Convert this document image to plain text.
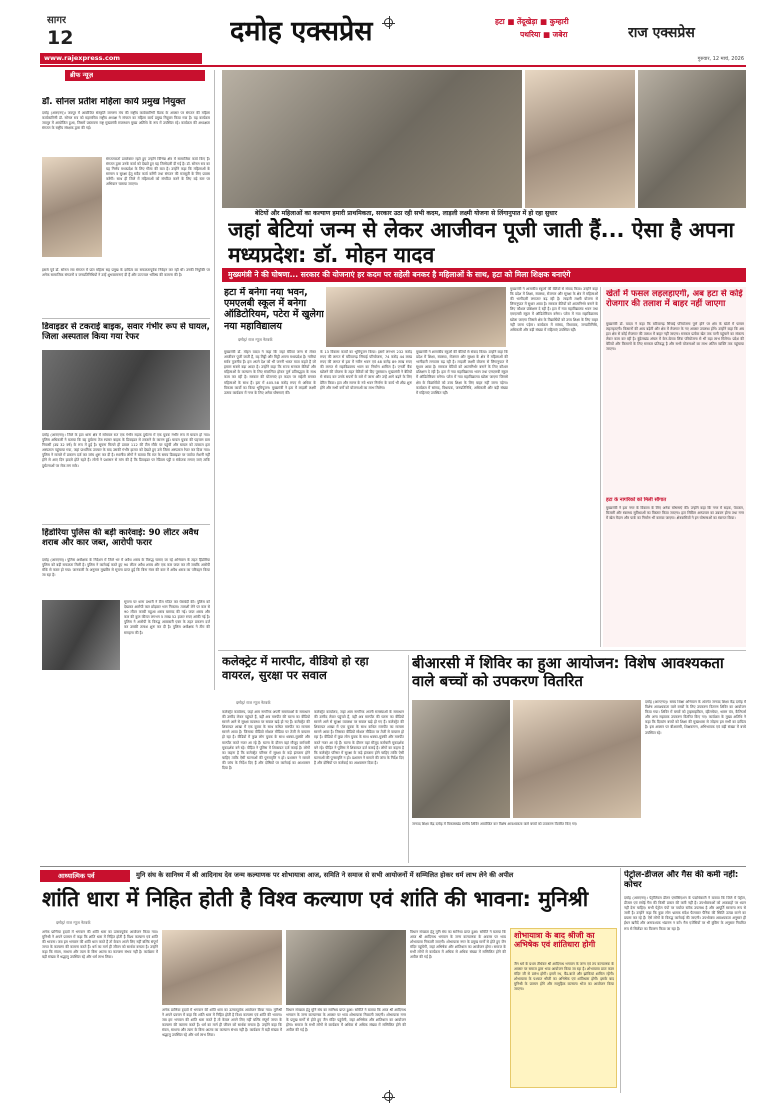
सागर
12	दमोह एक्सप्रेस	हटा ■ तेंदूखेड़ा ■ कुम्हारी
पथरिया ■ जबेरा	राज एक्सप्रेस
www.rajexpress.com	गुरुवार, 12 मार्च, 2026
ब्रीफ न्यूज़
डॉ. सोनल प्रतीश महिला कार्य प्रमुख नियुक्त
दमोह (आरएनए)। जयपुर में आयोजित संस्कृति जागरण मंच की राष्ट्रीय कार्यकारिणी बैठक के अवसर पर संगठन की महिला कार्यकारिणी डॉ. सोनल राव को महासचिव राष्ट्रीय अध्यक्ष ने संगठन का महिला कार्य प्रमुख नियुक्त किया गया है। यह कार्यक्रम जयपुर में आयोजित हुआ, जिसमें प्रस्तावना राष्ट्र मुख्यमंत्री राजस्थान मुख्य अतिथि के रूप में उपस्थित रहे। कार्यक्रम की अध्यक्षता संगठन के राष्ट्रीय संरक्षक द्वारा की गई।
संगठनकर्ता डायरेक्टर रहते हुए उन्होंने विभिन्न क्षेत्र में सामाजिक कार्य किए हैं। संगठन द्वारा उनके कार्य को देखते हुए यह जिम्मेदारी दी गई है। डॉ. सोनल राव का यह निर्णय मध्यप्रदेश के लिए गौरव की बात है। उन्होंने कहा कि महिलाओं के सम्मान व सुरक्षा हेतु सदैव कार्य करेंगी तथा संगठन की मजबूती के लिए प्रयास करेंगी। साथ ही जिले में महिलाओं को संगठित करने के लिए बड़े स्तर पर अभियान चलाया जाएगा।
इससे पूर्व डॉ. सोनल राव संगठन में प्रांत महिला सह प्रमुख के दायित्व का सफलतापूर्वक निर्वहन कर रही थीं। उनकी नियुक्ति पर अनेक सामाजिक संगठनों व जनप्रतिनिधियों ने उन्हें शुभकामनाएं दी हैं और उज्ज्वल भविष्य की कामना की है।
डिवाइडर से टकराई बाइक, सवार गंभीर रूप से घायल, जिला अस्पताल किया गया रेफर
दमोह (आरएनए)। जिले के हटा थाना क्षेत्र में सोमवार रात एक गंभीर सड़क दुर्घटना में एक युवक गंभीर रूप से घायल हो गया। पुलिस अधिकारी ने बताया कि यह दुर्घटना तेज रफ्तार बाइक के डिवाइडर से टकराने के कारण हुई। घायल युवक की पहचान ग्राम निवासी (उम्र 32 वर्ष) के रूप में हुई है। सूचना मिलते ही डायल 112 की टीम मौके पर पहुंची और घायल को तत्काल हटा अस्पताल पहुंचाया गया, जहां प्राथमिक उपचार के बाद उसकी गंभीर हालत को देखते हुए उसे जिला अस्पताल रेफर कर दिया गया। पुलिस ने मामले में प्रकरण दर्ज कर जांच शुरू कर दी है। स्थानीय लोगों ने बताया कि रात के समय डिवाइडर पर पर्याप्त रोशनी नहीं होने से आए दिन हादसे होते रहते हैं। लोगों ने प्रशासन से मांग की है कि डिवाइडर पर रेडियम पट्टी व संकेतक लगाए जाएं ताकि दुर्घटनाओं पर रोक लग सके।
हिंडोरिया पुलिस की बड़ी कार्रवाई: 90 लीटर अवैध शराब और कार जब्त, आरोपी फरार
दमोह (आरएनए)। पुलिस अधीक्षक के निर्देशन में जिले भर में अवैध शराब के विरुद्ध चलाए जा रहे अभियान के तहत हिंडोरिया पुलिस को बड़ी सफलता मिली है। पुलिस ने कार्रवाई करते हुए 90 लीटर अवैध शराब और एक कार जब्त कर ली जबकि आरोपी मौके से फरार हो गया। जानकारी के अनुसार मुखबिर से सूचना प्राप्त हुई कि बिना नंबर की कार में अवैध शराब का परिवहन किया जा रहा है।
सूचना पर थाना प्रभारी ने टीम गठित कर घेराबंदी की। पुलिस को देखकर आरोपी कार छोड़कर भाग निकला। तलाशी लेने पर कार से 90 लीटर कच्ची महुआ शराब बरामद की गई। जब्त शराब और कार की कुल कीमत लगभग 5 लाख 52 हजार रुपए आंकी गई है। पुलिस ने आरोपी के विरुद्ध आबकारी एक्ट के तहत प्रकरण दर्ज कर उसकी तलाश शुरू कर दी है। पुलिस अधीक्षक ने टीम की सराहना की है।
बेटियों और महिलाओं का कल्याण हमारी प्राथमिकता, सरकार उठा रही सभी कदम, लाड़ली लक्ष्मी योजना से लिंगानुपात में हो रहा सुधार
जहां बेटियां जन्म से लेकर आजीवन पूजी जाती हैं... ऐसा है अपना मध्यप्रदेश: डॉ. मोहन यादव
मुख्यमंत्री ने की घोषणा... सरकार की योजनाएं हर कदम पर सहेली बनकर है महिलाओं के साथ, हटा को मिला शिक्षक बनाएंगे
हटा में बनेगा नया भवन, एमएलबी स्कूल में बनेगा ऑडिटोरियम, पटेरा में खुलेगा नया महाविद्यालय
दमोह/ राज न्यूज नेटवर्क
मुख्यमंत्री डॉ. मोहन यादव ने कहा कि जहां बेटियां जन्म से लेकर आजीवन पूजी जाती हैं, वह मिट्टी और मिट्टी अपना मध्यप्रदेश है। नारियां सर्वत्र पूजनीय हैं। हम अपने देश को भी जननी भारत माता कहते हैं जो हमारा सबसे बड़ा आदर है। उन्होंने कहा कि राज्य सरकार बेटियों और महिलाओं के कल्याण के लिए संकल्पित होकर पूर्ण प्रतिबद्धता के साथ काम कर रही है। सरकार की योजनाएं हर कदम पर सहेली बनकर महिलाओं के साथ हैं। हटा में 405.58 करोड़ रुपए से अधिक के विकास कार्यों का किया भूमिपूजन। मुख्यमंत्री ने हटा में लाड़ली लक्ष्मी उत्सव कार्यक्रम में नगर के लिए अनेक घोषणाएं कीं।
के 13 विकास कार्यों का भूमिपूजन किया। इसमें लगभग 232 करोड़ रुपए की लागत से बटियागढ़ सिंचाई परियोजना, 74 करोड़ 44 लाख रुपए की लागत से हटा में नवीन भवन एवं 48 करोड़ 89 लाख रुपए की लागत से महाविद्यालय भवन का निर्माण शामिल है। एनर्जी बैंक खोलने की योजना के तहत बेटियों को दिए पुरस्कार। मुख्यमंत्री ने बेटियों से संवाद कर उनके सपनों के बारे में जाना और उन्हें आगे बढ़ने के लिए प्रेरित किया। हटा और सागर के नये भवन निर्माण के कार्य भी शीघ्र शुरू होंगे और सभी वर्गों को योजनाओं का लाभ मिलेगा।
मुख्यमंत्री ने शासकीय स्कूलों की बेटियों से संवाद किया। उन्होंने कहा कि प्रदेश में शिक्षा, स्वास्थ्य, रोजगार और सुरक्षा के क्षेत्र में महिलाओं की भागीदारी लगातार बढ़ रही है। लाड़ली लक्ष्मी योजना से लिंगानुपात में सुधार आया है। सरकार बेटियों को आत्मनिर्भर बनाने के लिए कौशल प्रशिक्षण दे रही है। हटा में नया महाविद्यालय भवन तथा एमएलबी स्कूल में ऑडिटोरियम बनेगा। पटेरा में नया महाविद्यालय खोला जाएगा जिससे क्षेत्र के विद्यार्थियों को उच्च शिक्षा के लिए बाहर नहीं जाना पड़ेगा। कार्यक्रम में सांसद, विधायक, जनप्रतिनिधि, अधिकारी और बड़ी संख्या में महिलाएं उपस्थित रहीं।
मुख्यमंत्री ने शासकीय स्कूलों की बेटियों से संवाद किया। उन्होंने कहा कि प्रदेश में शिक्षा, स्वास्थ्य, रोजगार और सुरक्षा के क्षेत्र में महिलाओं की भागीदारी लगातार बढ़ रही है। लाड़ली लक्ष्मी योजना से लिंगानुपात में सुधार आया है। सरकार बेटियों को आत्मनिर्भर बनाने के लिए कौशल प्रशिक्षण दे रही है। हटा में नया महाविद्यालय भवन तथा एमएलबी स्कूल में ऑडिटोरियम बनेगा। पटेरा में नया महाविद्यालय खोला जाएगा जिससे क्षेत्र के विद्यार्थियों को उच्च शिक्षा के लिए बाहर नहीं जाना पड़ेगा। कार्यक्रम में सांसद, विधायक, जनप्रतिनिधि, अधिकारी और बड़ी संख्या में महिलाएं उपस्थित रहीं।
खेतों में फसल लहलहाएगी, अब हटा से कोई रोजगार की तलाश में बाहर नहीं जाएगा
मुख्यमंत्री डॉ. यादव ने कहा कि बटियागढ़ सिंचाई परियोजना पूर्ण होने पर क्षेत्र के खेतों में फसल लहलहाएगी। किसानों की आय बढ़ेगी और क्षेत्र में रोजगार के नए अवसर उपलब्ध होंगे। उन्होंने कहा कि अब हटा क्षेत्र से कोई रोजगार की तलाश में बाहर नहीं जाएगा। सरकार प्रत्येक खेत तक पानी पहुंचाने का संकल्प लेकर काम कर रही है। बुंदेलखंड अंचल में केन-बेतवा लिंक परियोजना से भी बड़ा लाभ मिलेगा। प्रदेश की बेटियों और किसानों के लिए सरकार प्रतिबद्ध है और सभी योजनाओं का लाभ अंतिम व्यक्ति तक पहुंचाया जाएगा।
हटा के नागरिकों को मिली सौगात
मुख्यमंत्री ने हटा नगर के विकास के लिए अनेक घोषणाएं कीं। उन्होंने कहा कि नगर में सड़क, पेयजल, बिजली और स्वास्थ्य सुविधाओं का विस्तार किया जाएगा। हटा सिविल अस्पताल का उन्नयन होगा तथा नगर में खेल मैदान और पार्क का निर्माण भी कराया जाएगा। क्षेत्रवासियों ने इन घोषणाओं का स्वागत किया।
कलेक्ट्रेट में मारपीट, वीडियो हो रहा वायरल, सुरक्षा पर सवाल
दमोह/ राज न्यूज नेटवर्क
कलेक्ट्रेट कार्यालय, जहां आम नागरिक अपनी समस्याओं के समाधान की उम्मीद लेकर पहुंचते हैं, वहीं अब मारपीट की घटना का वीडियो सामने आने से सुरक्षा व्यवस्था पर सवाल खड़े हो गए हैं। कलेक्ट्रेट की शिकायत शाखा में एक युवक के साथ कथित मारपीट का मामला सामने आया है। जिसका वीडियो सोशल मीडिया पर तेजी से वायरल हो रहा है। वीडियो में कुछ लोग युवक के साथ धक्का-मुक्की और मारपीट करते नजर आ रहे हैं। घटना के दौरान वहां मौजूद कर्मचारी मूकदर्शक बने रहे। पीड़ित ने पुलिस में शिकायत दर्ज कराई है। लोगों का कहना है कि कलेक्ट्रेट परिसर में सुरक्षा के कड़े इंतजाम होने चाहिए ताकि ऐसी घटनाओं की पुनरावृत्ति न हो। प्रशासन ने मामले की जांच के निर्देश दिए हैं और दोषियों पर कार्रवाई का आश्वासन दिया है।
कलेक्ट्रेट कार्यालय, जहां आम नागरिक अपनी समस्याओं के समाधान की उम्मीद लेकर पहुंचते हैं, वहीं अब मारपीट की घटना का वीडियो सामने आने से सुरक्षा व्यवस्था पर सवाल खड़े हो गए हैं। कलेक्ट्रेट की शिकायत शाखा में एक युवक के साथ कथित मारपीट का मामला सामने आया है। जिसका वीडियो सोशल मीडिया पर तेजी से वायरल हो रहा है। वीडियो में कुछ लोग युवक के साथ धक्का-मुक्की और मारपीट करते नजर आ रहे हैं। घटना के दौरान वहां मौजूद कर्मचारी मूकदर्शक बने रहे। पीड़ित ने पुलिस में शिकायत दर्ज कराई है। लोगों का कहना है कि कलेक्ट्रेट परिसर में सुरक्षा के कड़े इंतजाम होने चाहिए ताकि ऐसी घटनाओं की पुनरावृत्ति न हो। प्रशासन ने मामले की जांच के निर्देश दिए हैं और दोषियों पर कार्रवाई का आश्वासन दिया है।
बीआरसी में शिविर का हुआ आयोजन: विशेष आवश्यकता वाले बच्चों को उपकरण वितरित
दमोह (आरएनए)। समग्र शिक्षा अभियान के अंतर्गत जनपद शिक्षा केंद्र दमोह में विशेष आवश्यकता वाले बच्चों के लिए उपकरण वितरण शिविर का आयोजन किया गया। शिविर में बच्चों को ट्राइसाइकिल, व्हीलचेयर, श्रवण यंत्र, कैलिपर्स और अन्य सहायक उपकरण वितरित किए गए। कार्यक्रम के मुख्य अतिथि ने कहा कि दिव्यांग बच्चों को शिक्षा की मुख्यधारा से जोड़ना हम सभी का दायित्व है। इस अवसर पर बीआरसी, शिक्षकगण, अभिभावक एवं बड़ी संख्या में बच्चे उपस्थित रहे।
जनपद शिक्षा केंद्र दमोह में विकासखंड स्तरीय शिविर आयोजित कर विशेष आवश्यकता वाले बच्चों को उपकरण वितरित किए गए।
आध्यात्मिक पर्व	मुनि संघ के सानिध्य में श्री आदिनाथ देव जन्म कल्याणक पर शोभायात्रा आज, समिति ने समाज से सभी आयोजनों में सम्मिलित होकर धर्म लाभ लेने की अपील
शांति धारा में निहित होती है विश्व कल्याण एवं शांति की भावना: मुनिश्री
दमोह/ राज न्यूज नेटवर्क
अनेक प्राणिया हृदयों में भगवान की शांति धारा का उत्सवपूर्वक आयोजन किया गया। मुनिश्री ने अपने प्रवचन में कहा कि शांति धारा में निहित होती है विश्व कल्याण एवं शांति की भावना। जब हम भगवान की शांति धारा करते हैं तो केवल अपने लिए नहीं बल्कि संपूर्ण जगत के कल्याण की कामना करते हैं। धर्म का मार्ग ही जीवन को सार्थक बनाता है। उन्होंने कहा कि संयम, साधना और त्याग के बिना आत्मा का कल्याण संभव नहीं है। कार्यक्रम में बड़ी संख्या में श्रद्धालु उपस्थित रहे और धर्म लाभ लिया।
अनेक प्राणिया हृदयों में भगवान की शांति धारा का उत्सवपूर्वक आयोजन किया गया। मुनिश्री ने अपने प्रवचन में कहा कि शांति धारा में निहित होती है विश्व कल्याण एवं शांति की भावना। जब हम भगवान की शांति धारा करते हैं तो केवल अपने लिए नहीं बल्कि संपूर्ण जगत के कल्याण की कामना करते हैं। धर्म का मार्ग ही जीवन को सार्थक बनाता है। उन्होंने कहा कि संयम, साधना और त्याग के बिना आत्मा का कल्याण संभव नहीं है। कार्यक्रम में बड़ी संख्या में श्रद्धालु उपस्थित रहे और धर्म लाभ लिया।
विधान संपन्नता हेतु मुनि संघ का सानिध्य प्राप्त हुआ। समिति ने बताया कि आज श्री आदिनाथ भगवान के जन्म कल्याणक के अवसर पर भव्य शोभायात्रा निकाली जाएगी। शोभायात्रा नगर के प्रमुख मार्गों से होते हुए जैन मंदिर पहुंचेगी, जहां अभिषेक और शांतिधारा का आयोजन होगा। समाज के सभी लोगों से कार्यक्रम में अधिक से अधिक संख्या में सम्मिलित होने की अपील की गई है।
विधान संपन्नता हेतु मुनि संघ का सानिध्य प्राप्त हुआ। समिति ने बताया कि आज श्री आदिनाथ भगवान के जन्म कल्याणक के अवसर पर भव्य शोभायात्रा निकाली जाएगी। शोभायात्रा नगर के प्रमुख मार्गों से होते हुए जैन मंदिर पहुंचेगी, जहां अभिषेक और शांतिधारा का आयोजन होगा। समाज के सभी लोगों से कार्यक्रम में अधिक से अधिक संख्या में सम्मिलित होने की अपील की गई है।
शोभायात्रा के बाद श्रीजी का अभिषेक एवं शांतिधारा होगी
जैन धर्म के प्रथम तीर्थंकर श्री आदिनाथ भगवान के जन्म एवं तप कल्याणक के अवसर पर समाज द्वारा भव्य आयोजन किया जा रहा है। शोभायात्रा प्रातः काल मंदिर जी से प्रारंभ होगी। इसमें रथ, बैंड-बाजे और झांकियां शामिल रहेंगी। शोभायात्रा के पश्चात श्रीजी का अभिषेक एवं शांतिधारा होगी। इसके बाद मुनिश्री के प्रवचन होंगे और सामूहिक वात्सल्य भोज का आयोजन किया जाएगा।
पेट्रोल-डीजल और गैस की कमी नहीं: कोचर
दमोह (आरएनए)। पेट्रोलियम डीलर एसोसिएशन के पदाधिकारी ने बताया कि जिले में पेट्रोल, डीजल एवं रसोई गैस की किसी प्रकार की कमी नहीं है। उपभोक्ताओं को अफवाहों पर ध्यान नहीं देना चाहिए। सभी पेट्रोल पंपों पर पर्याप्त स्टॉक उपलब्ध है और आपूर्ति सामान्य रूप से जारी है। उन्होंने कहा कि कुछ लोग भ्रामक संदेश फैलाकर पैनिक की स्थिति उत्पन्न करने का प्रयास कर रहे हैं। ऐसे लोगों के विरुद्ध कार्रवाई की जाएगी। उपभोक्ता आवश्यकता अनुसार ही ईंधन खरीदें और अनावश्यक भंडारण न करें। गैस एजेंसियों पर भी बुकिंग के अनुसार नियमित रूप से सिलेंडर का वितरण किया जा रहा है।
